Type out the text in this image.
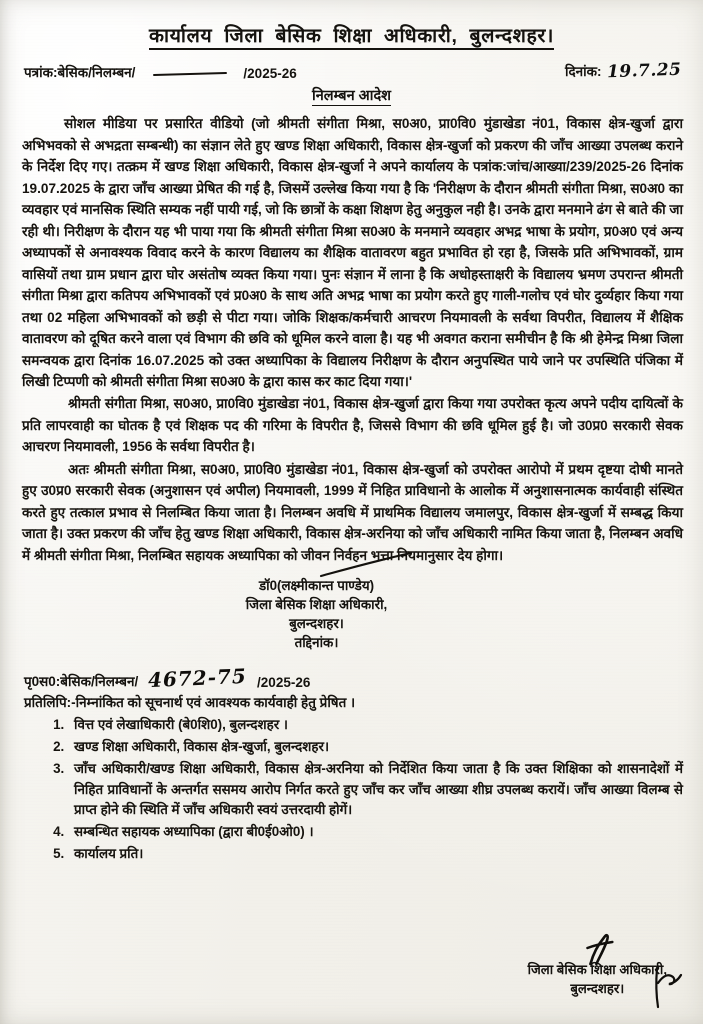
कार्यालय जिला बेसिक शिक्षा अधिकारी, बुलन्दशहर।
पत्रांक:बेसिक/निलम्बन/	/2025-26	दिनांक: 19.7.25
निलम्बन आदेश

सोशल मीडिया पर प्रसारित वीडियो (जो श्रीमती संगीता मिश्रा, स0अ0, प्रा0वि0 मुंडाखेडा नं01, विकास क्षेत्र-खुर्जा द्वारा अभिभवको से अभद्रता सम्बन्धी) का संज्ञान लेते हुए खण्ड शिक्षा अधिकारी, विकास क्षेत्र-खुर्जा को प्रकरण की जाँच आख्या उपलब्ध कराने के निर्देश दिए गए। तत्क्रम में खण्ड शिक्षा अधिकारी, विकास क्षेत्र-खुर्जा ने अपने कार्यालय के पत्रांक:जांच/आख्या/239/2025-26 दिनांक 19.07.2025 के द्वारा जाँच आख्या प्रेषित की गई है, जिसमें उल्लेख किया गया है कि 'निरीक्षण के दौरान श्रीमती संगीता मिश्रा, स0अ0 का व्यवहार एवं मानसिक स्थिति सम्यक नहीं पायी गई, जो कि छात्रों के कक्षा शिक्षण हेतु अनुकुल नही है। उनके द्वारा मनमाने ढंग से बाते की जा रही थी। निरीक्षण के दौरान यह भी पाया गया कि श्रीमती संगीता मिश्रा स0अ0 के मनमाने व्यवहार अभद्र भाषा के प्रयोग, प्र0अ0 एवं अन्य अध्यापकों से अनावश्यक विवाद करने के कारण विद्यालय का शैक्षिक वातावरण बहुत प्रभावित हो रहा है, जिसके प्रति अभिभावकों, ग्राम वासियों तथा ग्राम प्रधान द्वारा घोर असंतोष व्यक्त किया गया। पुनः संज्ञान में लाना है कि अधोहस्ताक्षरी के विद्यालय भ्रमण उपरान्त श्रीमती संगीता मिश्रा द्वारा कतिपय अभिभावकों एवं प्र0अ0 के साथ अति अभद्र भाषा का प्रयोग करते हुए गाली-गलोच एवं घोर दुर्व्यहार किया गया तथा 02 महिला अभिभावकों को छड़ी से पीटा गया। जोकि शिक्षक/कर्मचारी आचरण नियमावली के सर्वथा विपरीत, विद्यालय में शैक्षिक वातावरण को दूषित करने वाला एवं विभाग की छवि को धूमिल करने वाला है। यह भी अवगत कराना समीचीन है कि श्री हेमेन्द्र मिश्रा जिला समन्वयक द्वारा दिनांक 16.07.2025 को उक्त अध्यापिका के विद्यालय निरीक्षण के दौरान अनुपस्थित पाये जाने पर उपस्थिति पंजिका में लिखी टिप्पणी को श्रीमती संगीता मिश्रा स0अ0 के द्वारा कास कर काट दिया गया।'

श्रीमती संगीता मिश्रा, स0अ0, प्रा0वि0 मुंडाखेडा नं01, विकास क्षेत्र-खुर्जा द्वारा किया गया उपरोक्त कृत्य अपने पदीय दायित्वों के प्रति लापरवाही का घोतक है एवं शिक्षक पद की गरिमा के विपरीत है, जिससे विभाग की छवि धूमिल हुई है। जो उ0प्र0 सरकारी सेवक आचरण नियमावली, 1956 के सर्वथा विपरीत है।

अतः श्रीमती संगीता मिश्रा, स0अ0, प्रा0वि0 मुंडाखेडा नं01, विकास क्षेत्र-खुर्जा को उपरोक्त आरोपो में प्रथम दृष्टया दोषी मानते हुए उ0प्र0 सरकारी सेवक (अनुशासन एवं अपील) नियमावली, 1999 में निहित प्राविधानो के आलोक में अनुशासनात्मक कार्यवाही संस्थित करते हुए तत्काल प्रभाव से निलम्बित किया जाता है। निलम्बन अवधि में प्राथमिक विद्यालय जमालपुर, विकास क्षेत्र-खुर्जा में सम्बद्ध किया जाता है। उक्त प्रकरण की जाँच हेतु खण्ड शिक्षा अधिकारी, विकास क्षेत्र-अरनिया को जाँच अधिकारी नामित किया जाता है, निलम्बन अवधि में श्रीमती संगीता मिश्रा, निलम्बित सहायक अध्यापिका को जीवन निर्वहन भत्ता नियमानुसार देय होगा।

डॉ0(लक्ष्मीकान्त पाण्डेय)
जिला बेसिक शिक्षा अधिकारी,
बुलन्दशहर।
तद्दिनांक।
पृ0स0:बेसिक/निलम्बन/ 4672-75 /2025-26
प्रतिलिपि:-निम्नांकित को सूचनार्थ एवं आवश्यक कार्यवाही हेतु प्रेषित ।
1. वित्त एवं लेखाधिकारी (बे0शि0), बुलन्दशहर ।
2. खण्ड शिक्षा अधिकारी, विकास क्षेत्र-खुर्जा, बुलन्दशहर।
3. जाँच अधिकारी/खण्ड शिक्षा अधिकारी, विकास क्षेत्र-अरनिया को निर्देशित किया जाता है कि उक्त शिक्षिका को शासनादेशों में निहित प्राविधानों के अन्तर्गत ससमय आरोप निर्गत करते हुए जाँच कर जाँच आख्या शीघ्र उपलब्ध करायें। जाँच आख्या विलम्ब से प्राप्त होने की स्थिति में जाँच अधिकारी स्वयं उत्तरदायी होगें।
4. सम्बन्धित सहायक अध्यापिका (द्वारा बी0ई0ओ0) ।
5. कार्यालय प्रति।
जिला बेसिक शिक्षा अधिकारी,
बुलन्दशहर।
